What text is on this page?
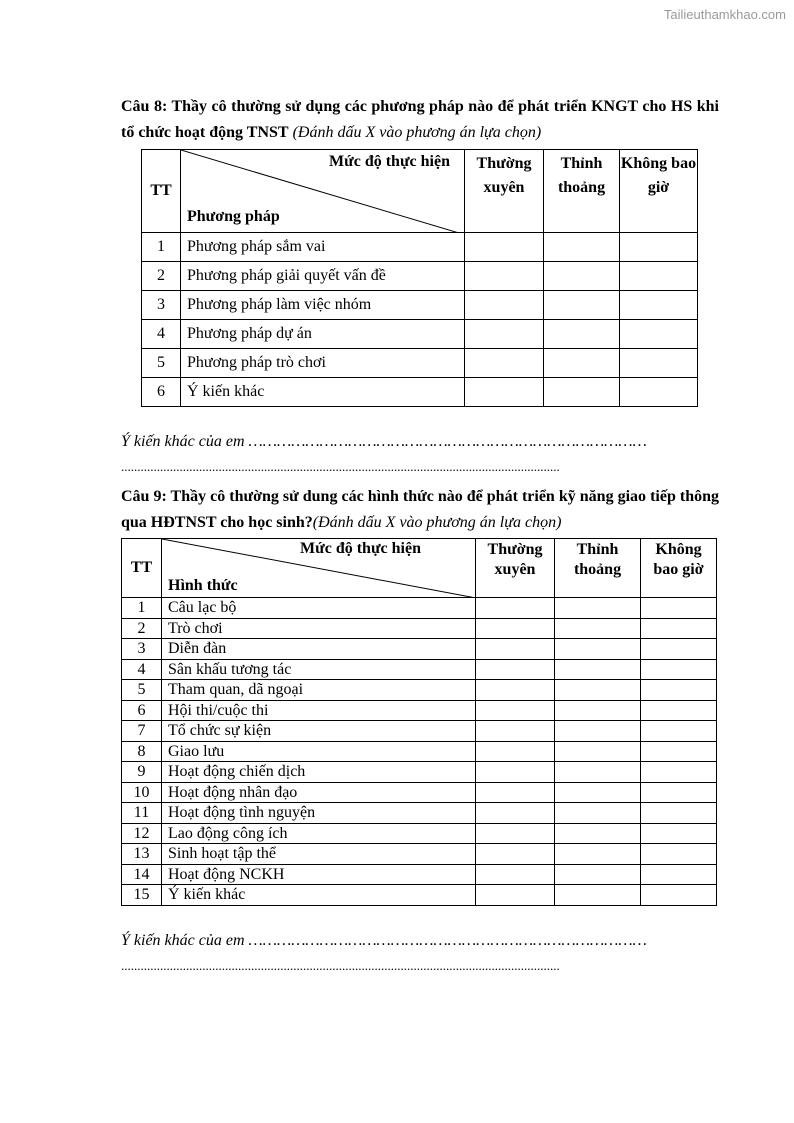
Tailieuthamkhao.com

Câu 8: Thầy cô thường sử dụng các phương pháp nào để phát triển KNGT cho HS khi tổ chức hoạt động TNST (Đánh dấu X vào phương án lựa chọn)

TT	Mức độ thực hiện
Phương pháp	Thường xuyên	Thỉnh thoảng	Không bao giờ
1	Phương pháp sắm vai			
2	Phương pháp giải quyết vấn đề			
3	Phương pháp làm việc nhóm			
4	Phương pháp dự án			
5	Phương pháp trò chơi			
6	Ý kiến khác			

Ý kiến khác của em …………………………………………………………………………

.......................................................................................................................................

Câu 9: Thầy cô thường sử dung các hình thức nào để phát triển kỹ năng giao tiếp thông qua HĐTNST cho học sinh?(Đánh dấu X vào phương án lựa chọn)

TT	Mức độ thực hiện
Hình thức	Thường xuyên	Thỉnh thoảng	Không bao giờ
1	Câu lạc bộ			
2	Trò chơi			
3	Diễn đàn			
4	Sân khấu tương tác			
5	Tham quan, dã ngoại			
6	Hội thi/cuộc thi			
7	Tổ chức sự kiện			
8	Giao lưu			
9	Hoạt động chiến dịch			
10	Hoạt động nhân đạo			
11	Hoạt động tình nguyện			
12	Lao động công ích			
13	Sinh hoạt tập thể			
14	Hoạt động NCKH			
15	Ý kiến khác			

Ý kiến khác của em …………………………………………………………………………

.......................................................................................................................................
